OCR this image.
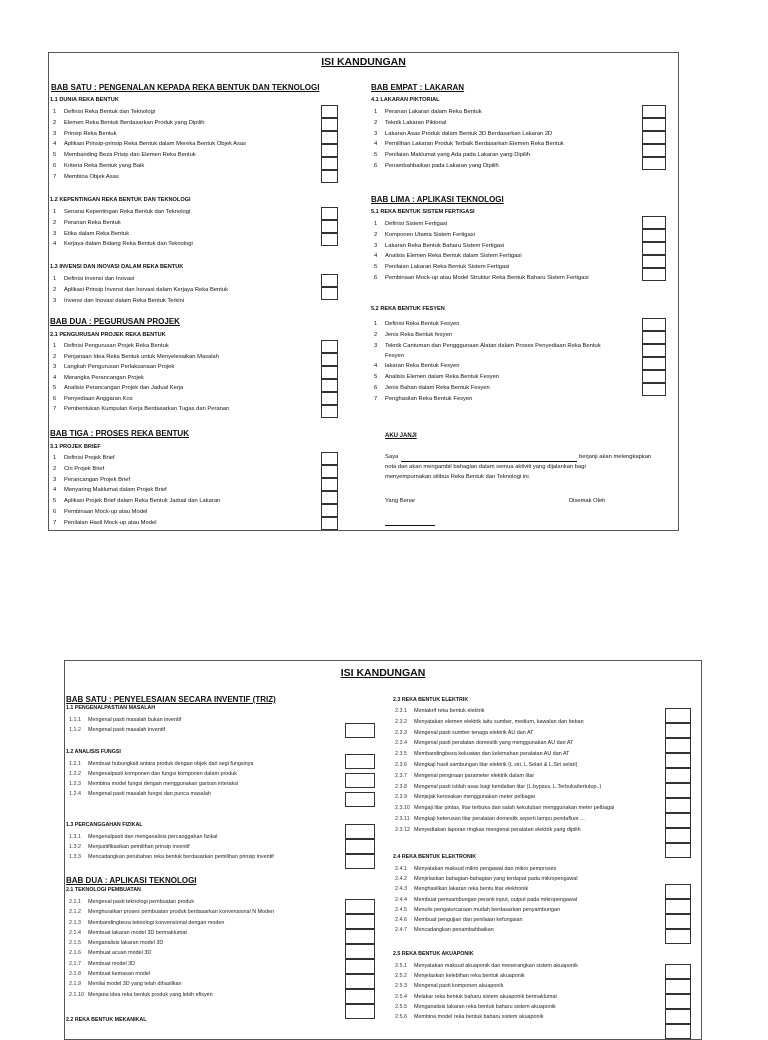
ISI KANDUNGAN
BAB SATU : PENGENALAN KEPADA REKA BENTUK DAN TEKNOLOGI
1.1 DUNIA REKA BENTUK
1	Definisi Reka Bentuk dan Teknologi
2	Elemen Reka Bentuk Berdasarkan Produk yang Dipilih
3	Prinsip Reka Bentuk
4	Aplikasi Prinsip-prinsip Reka Bentuk dalam Mereka Bentuk Objek Asas
5	Membanding Beza Prisip dan Elemen Reka Bentuk
6	Kriteria Reka Bentuk yang Baik
7	Membina Objek Asas
1.2 KEPENTINGAN REKA BENTUK DAN TEKNOLOGI
1	Senarai Kepentingan Reka Bentuk dan Teknologi
2	Peranan Reka Bentuk
3	Etika dalam Reka Bentuk
4	Kerjaya dalam Bidang Reka Bentuk dan Teknologi
1.3 INVENSI DAN INOVASI DALAM REKA BENTUK
1	Definisi Invensi dan Inovasi
2	Aplikasi Prinsip Invensi dan Inovasi dalam Kerjaya Reka Bentuk
3	Invensi dan Inovasi dalam Reka Bentuk Terkini
BAB DUA : PEGURUSAN PROJEK
2.1 PENGURUSAN PROJEK REKA BENTUK
1	Definisi Pengurusan Projek Reka Bentuk
2	Penjanaan Idea Reka Bentuk untuk Menyelesaikan Masalah
3	Langkah Pengurusan Perlaksanaan Projek
4	Merangka Perancangan Projek
5	Analisis Perancangan Projek dan Jadual Kerja
6	Penyediaan Anggaran Kos
7	Pembentukan Kumpulan Kerja Berdasarkan Tugas dan Peranan
BAB TIGA : PROSES REKA BENTUK
3.1 PROJEK BRIEF
1	Definisi Projek Brief
2	Ciri Projek Brief
3	Perancangan Projek Brief
4	Menyaring Maklumat dalam Projek Brief
5	Aplikasi Projek Brief dalam Reka Bentuk Jadual dan Lakaran
6	Pembinaan Mock-up atau Model
7	Penilaian Hasil Mock-up atau Model
BAB EMPAT : LAKARAN
4.1 LAKARAN PIKTORIAL
1	Peranan Lakaran dalam Reka Bentuk
2	Teknik Lakaran Piktorial
3	Lakaran Asas Produk dalam Bentuk 3D Berdasarkan Lakaran 2D
4	Pemilihan Lakaran Produk Terbaik Berdasarkan Elemen Reka Bentuk
5	Penilaian Maklumat yang Ada pada Lakaran yang Dipilih
6	Penambahbaikan pada Lakaran yang Dipilih
BAB LIMA : APLIKASI TEKNOLOGI
5.1 REKA BENTUK SISTEM FERTIGASI
1	Definisi Sistem Fertigasi
2	Komponen Utama Sistem Fertigasi
3	Lakaran Reka Bentuk Baharu Sistem Fertigasi
4	Analisis Elemen Reka Bentuk dalam Sistem Fertigasi
5	Penilaian Lakaran Reka Bentuk Sistem Fertigasi
6	Pembinaan Mock-up atau Model Struktur Reka Bentuk Baharu Sistem Fertigasi
5.2 REKA BENTUK FESYEN
1	Definisi Reka Bentuk Fesyen
2	Jenis Reka Bentuk fesyen
3	Teknik Cantuman dan Pengggunaan Alatan dalam Proses Penyediaan Reka Bentuk Fesyen
4	lakaran Reka Bentuk Fesyen
5	Analisis Elemen dalam Reka Bentuk Fesyen
6	Jenis Bahan dalam Reka Bentuk Fesyen
7	Penghasilan Reka Bentuk Fesyen
AKU JANJI
Saya	berjanji akan melengkapkan
nota dan akan mengambil bahagian dalam semua aktiviti yang dijalankan bagi
menyempurnakan silibus Reka Bentuk dan Teknologi ini.
Yang Benar	Disemak Oleh
ISI KANDUNGAN
BAB SATU : PENYELESAIAN SECARA INVENTIF (TRIZ)
1.1 PENGENALPASTIAN MASALAH
1.1.1	Mengenal pasti masalah bukan inventif
1.1.2	Mengenal pasti masalah inventif
1.2 ANALISIS FUNGSI
1.2.1	Membuat hubungkait antara produk dengan objek dari segi fungsinya
1.2.2	Mengenalpasti komponen dan fungsi komponen dalam produk
1.2.3	Membina model fungsi dengan menggunakan garisan interaksi
1.2.4	Mengenal pasti masalah fungsi dan punca masalah
1.3 PERCANGGAHAN FIZIKAL
1.3.1	Mengenalpasti dan menganalisis percanggahan fizikal
1.3.2	Menjustifikasikan pemilihan prinsip inventif
1.3.3	Mencadangkan perubahan reka bentuk berdasarkan pemilihan prinsip inventif
BAB DUA : APLIKASI TEKNOLOGI
2.1 TEKNOLOGI PEMBUATAN
2.1.1	Mengenal pasti teknologi pembuatan produk
2.1.2	Menghuraikan proses pembuatan produk berdasarkan konvensional N Moden
2.1.3	Membandingbeza teknologi konvensional dengan moden
2.1.4	Membuat lakaran model 3D bermaklumat
2.1.5	Menganalisis lakaran model 3D
2.1.6	Membuat acuan model 3D
2.1.7	Membuat model 3D
2.1.8	Membuat kemasan model
2.1.9	Menilai model 3D yang telah dihasilkan
2.1.10 Menjana idea reka bentuk produk yang lebih efisyen
2.2 REKA BENTUK MEKANIKAL
2.3 REKA BENTUK ELEKTRIK
2.3.1	Mentakrif reka bentuk elektrik
2.3.2	Menyatakan elemen elektrik iaitu sumber, medium, kawalan dan beban
2.3.3	Mengenal pasti sumber tenaga elektrik AU dan AT
2.3.4	Mengenal pasti peralatan domestik yang menggunakan AU dan AT
2.3.5	Membandingbeza kekuatan dan kelemahan peralatan AU dan AT
2.3.6	Mengkaji hasil sambungan litar elektrik (L siri, L.Selari & L.Siri selari)
2.3.7	Mengenal pengiraan parameter elektrik dalam litar
2.3.8	Mengenal pasti istilah asas bagi kendalian litar (L.bypass, L.Terbuka/tertutup..)
2.3.9	Menjejak kerosakan menggunakan meter pelbagai
2.3.10 Mengaji litar pintas, litar terbuka dan salah kekutuban menggunakan meter pelbagai
2.3.11 Mengkaji keterusan litar peralatan domestik seperti lampu pendafluor ...
2.3.12 Menyediakan laporan ringkas mengenai peralatan elektrik yang dipilih
2.4 REKA BENTUK ELEKTRONIK
2.4.1	Menyatakan maksud mikro pengawal dan mikro pemproses
2.4.2	Menjelaskan bahagian-bahagian yang terdapat pada mikropengawal
2.4.3	Menghasilkan lakaran reka bentu litar elektronik
2.4.4	Membuat pemsambungan peranti input, output pada mikropengawal
2.4.5	Menulis pengaturcaraan mudah berdasarkan penyambungan
2.4.6	Membuat pengujian dan penilaian kefungsian
2.4.7	Mencadangkan penambahbaikan
2.5 REKA BENTUK AKUAPONIK
2.5.1	Menyatakan maksud akuaponik dan menerangkan sistem akuaponik
2.5.2	Menjelaskan kelebihan reka bentuk akuaponik
2.5.3	Mengenal pasti komponen akuaponik
2.5.4	Melakar reka bentuk baharu sistem akuaponik bermaklumat
2.5.5	Menganalisis lakaran reka bentuk baharu sistem akuaponik
2.5.6	Membina model reka bentuk baharu sistem akuaponik
